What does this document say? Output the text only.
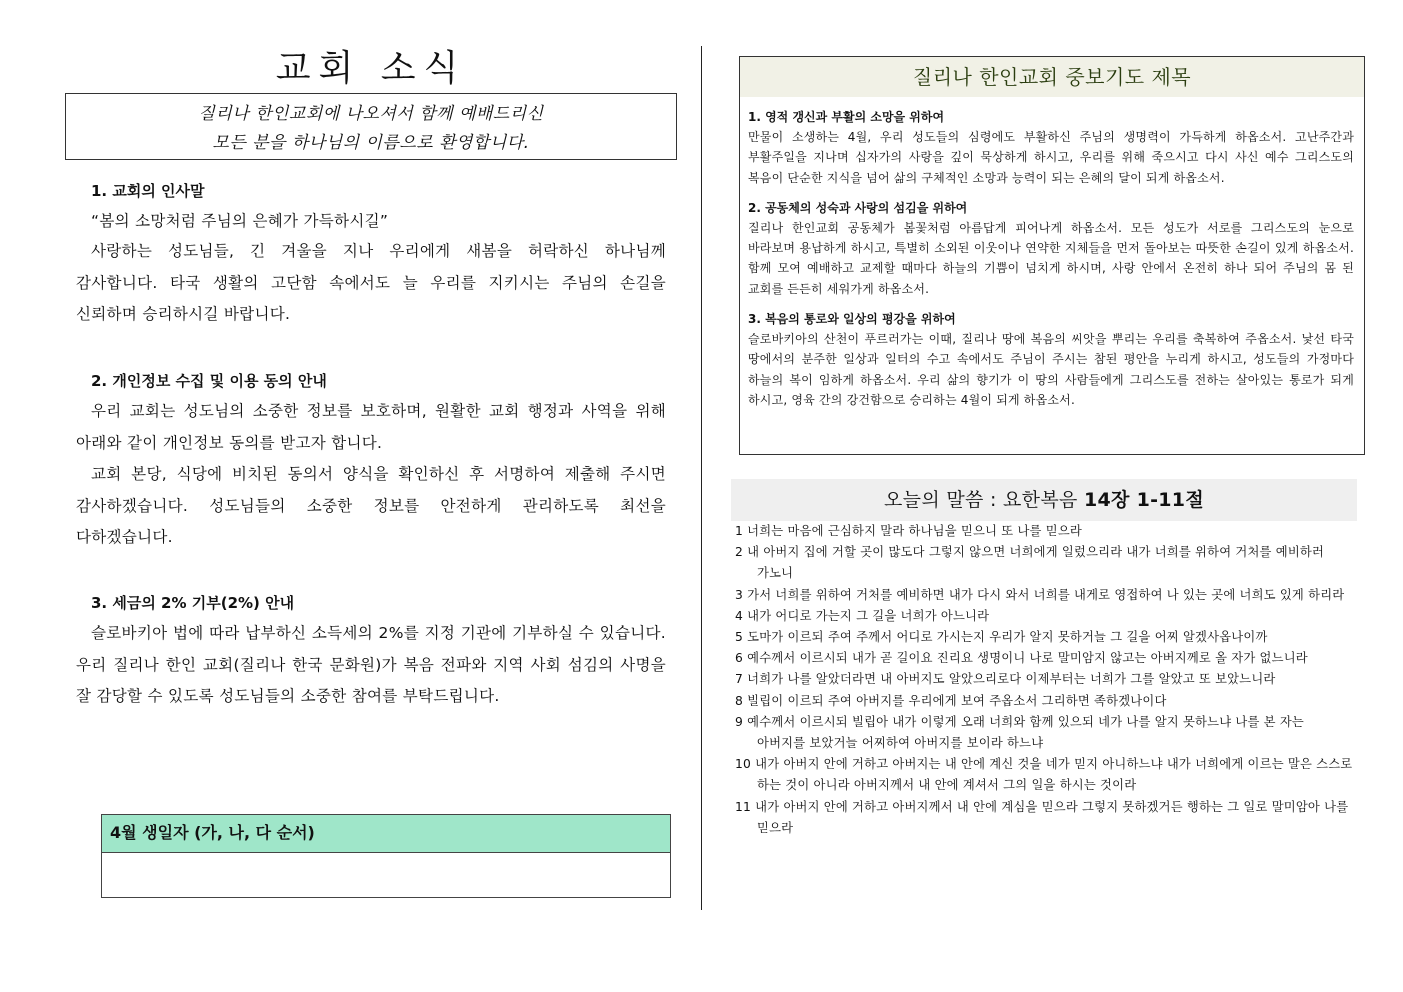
교회 소식
질리나 한인교회에 나오셔서 함께 예배드리신
모든 분을 하나님의 이름으로 환영합니다.
1. 교회의 인사말
“봄의 소망처럼 주님의 은혜가 가득하시길”

사랑하는 성도님들, 긴 겨울을 지나 우리에게 새봄을 허락하신 하나님께 감사합니다. 타국 생활의 고단함 속에서도 늘 우리를 지키시는 주님의 손길을 신뢰하며 승리하시길 바랍니다.

2. 개인정보 수집 및 이용 동의 안내

우리 교회는 성도님의 소중한 정보를 보호하며, 원활한 교회 행정과 사역을 위해 아래와 같이 개인정보 동의를 받고자 합니다.

교회 본당, 식당에 비치된 동의서 양식을 확인하신 후 서명하여 제출해 주시면 감사하겠습니다. 성도님들의 소중한 정보를 안전하게 관리하도록 최선을 다하겠습니다.

3. 세금의 2% 기부(2%) 안내

슬로바키아 법에 따라 납부하신 소득세의 2%를 지정 기관에 기부하실 수 있습니다. 우리 질리나 한인 교회(질리나 한국 문화원)가 복음 전파와 지역 사회 섬김의 사명을 잘 감당할 수 있도록 성도님들의 소중한 참여를 부탁드립니다.

4월 생일자 (가, 나, 다 순서)
질리나 한인교회 중보기도 제목
1. 영적 갱신과 부활의 소망을 위하여
만물이 소생하는 4월, 우리 성도들의 심령에도 부활하신 주님의 생명력이 가득하게 하옵소서. 고난주간과 부활주일을 지나며 십자가의 사랑을 깊이 묵상하게 하시고, 우리를 위해 죽으시고 다시 사신 예수 그리스도의 복음이 단순한 지식을 넘어 삶의 구체적인 소망과 능력이 되는 은혜의 달이 되게 하옵소서.
2. 공동체의 성숙과 사랑의 섬김을 위하여
질리나 한인교회 공동체가 봄꽃처럼 아름답게 피어나게 하옵소서. 모든 성도가 서로를 그리스도의 눈으로 바라보며 용납하게 하시고, 특별히 소외된 이웃이나 연약한 지체들을 먼저 돌아보는 따뜻한 손길이 있게 하옵소서. 함께 모여 예배하고 교제할 때마다 하늘의 기쁨이 넘치게 하시며, 사랑 안에서 온전히 하나 되어 주님의 몸 된 교회를 든든히 세워가게 하옵소서.
3. 복음의 통로와 일상의 평강을 위하여
슬로바키아의 산천이 푸르러가는 이때, 질리나 땅에 복음의 씨앗을 뿌리는 우리를 축복하여 주옵소서. 낯선 타국 땅에서의 분주한 일상과 일터의 수고 속에서도 주님이 주시는 참된 평안을 누리게 하시고, 성도들의 가정마다 하늘의 복이 임하게 하옵소서. 우리 삶의 향기가 이 땅의 사람들에게 그리스도를 전하는 살아있는 통로가 되게 하시고, 영육 간의 강건함으로 승리하는 4월이 되게 하옵소서.
오늘의 말씀 : 요한복음 14장 1-11절
1 너희는 마음에 근심하지 말라 하나님을 믿으니 또 나를 믿으라
2 내 아버지 집에 거할 곳이 많도다 그렇지 않으면 너희에게 일렀으리라 내가 너희를 위하여 거처를 예비하러 가노니
3 가서 너희를 위하여 거처를 예비하면 내가 다시 와서 너희를 내게로 영접하여 나 있는 곳에 너희도 있게 하리라
4 내가 어디로 가는지 그 길을 너희가 아느니라
5 도마가 이르되 주여 주께서 어디로 가시는지 우리가 알지 못하거늘 그 길을 어찌 알겠사옵나이까
6 예수께서 이르시되 내가 곧 길이요 진리요 생명이니 나로 말미암지 않고는 아버지께로 올 자가 없느니라
7 너희가 나를 알았더라면 내 아버지도 알았으리로다 이제부터는 너희가 그를 알았고 또 보았느니라
8 빌립이 이르되 주여 아버지를 우리에게 보여 주옵소서 그리하면 족하겠나이다
9 예수께서 이르시되 빌립아 내가 이렇게 오래 너희와 함께 있으되 네가 나를 알지 못하느냐 나를 본 자는 아버지를 보았거늘 어찌하여 아버지를 보이라 하느냐
10 내가 아버지 안에 거하고 아버지는 내 안에 계신 것을 네가 믿지 아니하느냐 내가 너희에게 이르는 말은 스스로 하는 것이 아니라 아버지께서 내 안에 계셔서 그의 일을 하시는 것이라
11 내가 아버지 안에 거하고 아버지께서 내 안에 계심을 믿으라 그렇지 못하겠거든 행하는 그 일로 말미암아 나를 믿으라
